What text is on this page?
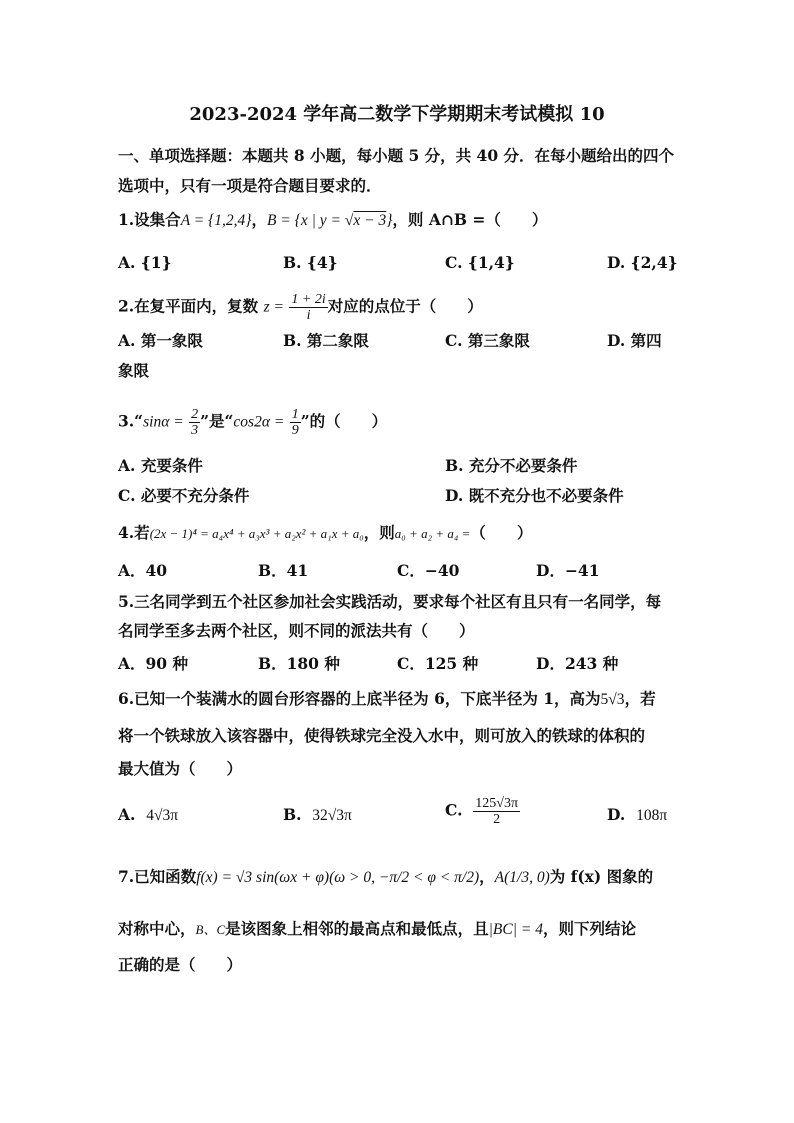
2023-2024 学年高二数学下学期期末考试模拟 10
一、单项选择题：本题共 8 小题，每小题 5 分，共 40 分．在每小题给出的四个
选项中，只有一项是符合题目要求的．
1.设集合A = {1,2,4}，B = {x | y = √x − 3}，则 A∩B =（　　）
A. {1}	B. {4}	C. {1,4}	D. {2,4}
2.在复平面内，复数 $z = \frac{1 + 2i}{i}$ 对应的点位于（　　）
A. 第一象限	B. 第二象限	C. 第三象限	D. 第四
象限
3.“sinα = $\frac{2}{3}$ ”是“$\cos 2\alpha = \frac{1}{9}$ ”的（　　）
A. 充要条件	B. 充分不必要条件
C. 必要不充分条件	D. 既不充分也不必要条件
4.若(2x − 1)⁴ = a₄x⁴ + a₃x³ + a₂x² + a₁x + a₀，则a₀ + a₂ + a₄ =（　　）
A．40	B．41	C．−40	D．−41
5.三名同学到五个社区参加社会实践活动，要求每个社区有且只有一名同学，每
名同学至多去两个社区，则不同的派法共有（　　）
A．90 种	B．180 种	C．125 种	D．243 种
6.已知一个装满水的圆台形容器的上底半径为 6，下底半径为 1，高为5√3，若
将一个铁球放入该容器中，使得铁球完全没入水中，则可放入的铁球的体积的
最大值为（　　）
A. 4√3π	B. 32√3π	C. $\frac{125√3\pi}{2}$	D. 108π
7.已知函数f(x) = √3 sin(ωx + φ)(ω > 0, −π/2 < φ < π/2)，A(1/3, 0)为 f(x) 图象的
对称中心，B、C是该图象上相邻的最高点和最低点，且|BC| = 4，则下列结论
正确的是（　　）
